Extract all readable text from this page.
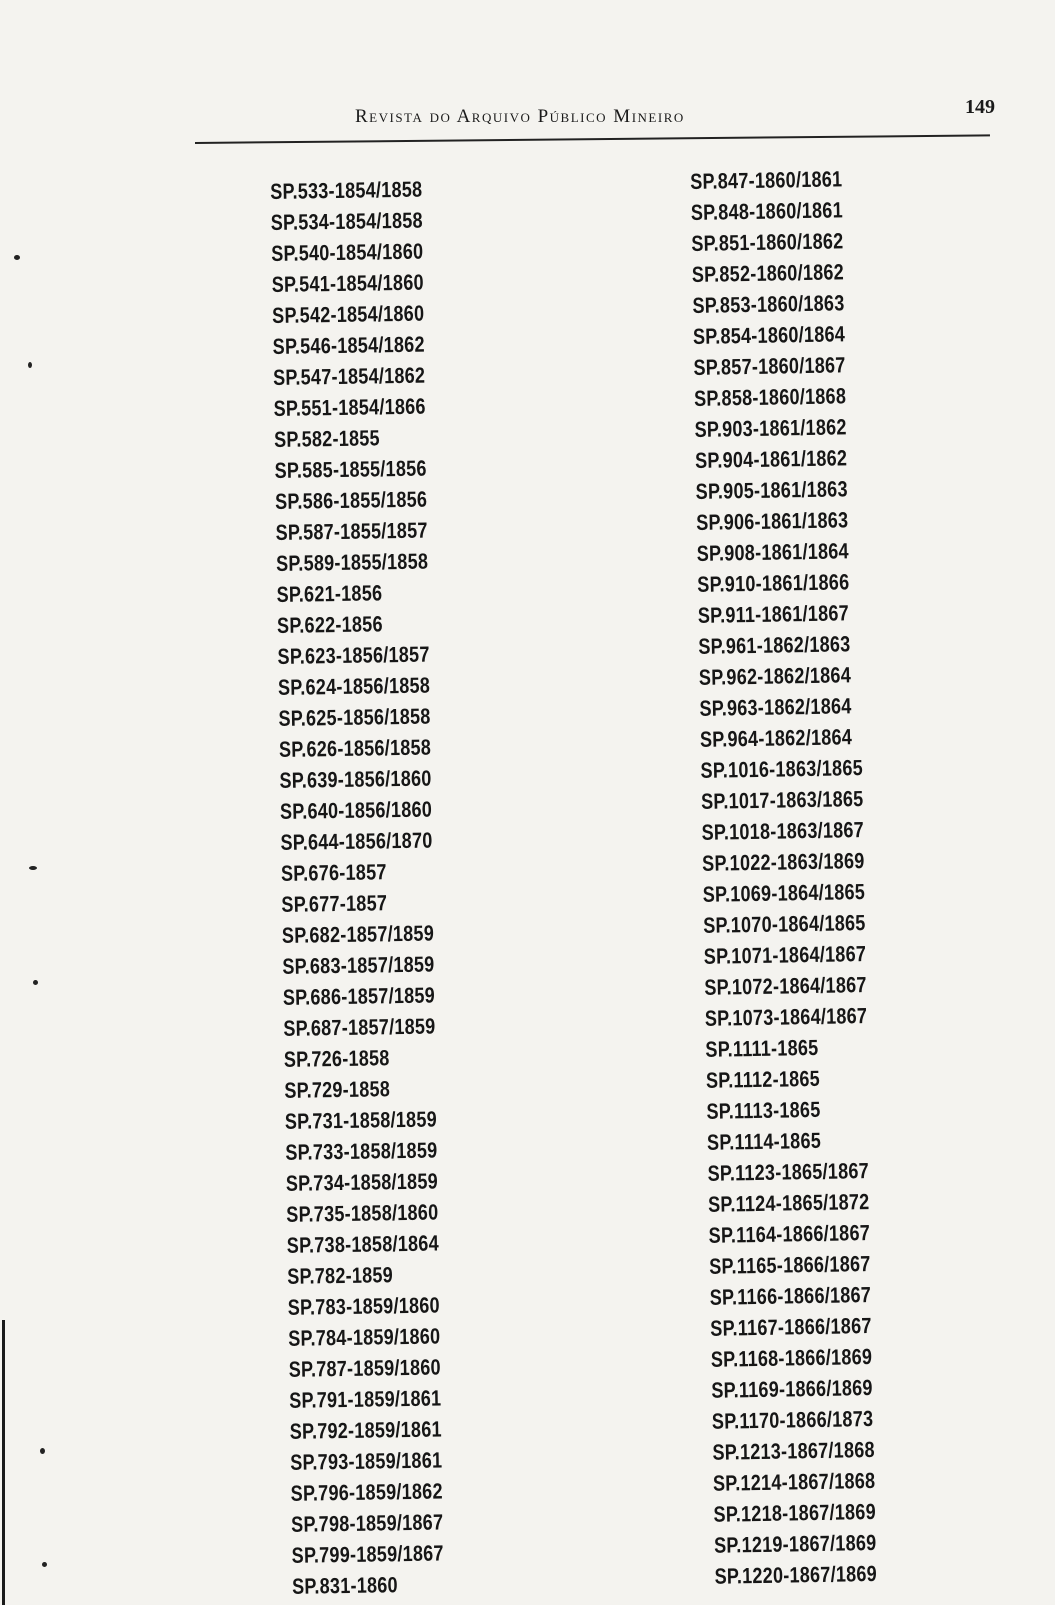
Revista do Arquivo Público Mineiro	149
SP.533-1854/1858
SP.534-1854/1858
SP.540-1854/1860
SP.541-1854/1860
SP.542-1854/1860
SP.546-1854/1862
SP.547-1854/1862
SP.551-1854/1866
SP.582-1855
SP.585-1855/1856
SP.586-1855/1856
SP.587-1855/1857
SP.589-1855/1858
SP.621-1856
SP.622-1856
SP.623-1856/1857
SP.624-1856/1858
SP.625-1856/1858
SP.626-1856/1858
SP.639-1856/1860
SP.640-1856/1860
SP.644-1856/1870
SP.676-1857
SP.677-1857
SP.682-1857/1859
SP.683-1857/1859
SP.686-1857/1859
SP.687-1857/1859
SP.726-1858
SP.729-1858
SP.731-1858/1859
SP.733-1858/1859
SP.734-1858/1859
SP.735-1858/1860
SP.738-1858/1864
SP.782-1859
SP.783-1859/1860
SP.784-1859/1860
SP.787-1859/1860
SP.791-1859/1861
SP.792-1859/1861
SP.793-1859/1861
SP.796-1859/1862
SP.798-1859/1867
SP.799-1859/1867
SP.831-1860
SP.847-1860/1861
SP.848-1860/1861
SP.851-1860/1862
SP.852-1860/1862
SP.853-1860/1863
SP.854-1860/1864
SP.857-1860/1867
SP.858-1860/1868
SP.903-1861/1862
SP.904-1861/1862
SP.905-1861/1863
SP.906-1861/1863
SP.908-1861/1864
SP.910-1861/1866
SP.911-1861/1867
SP.961-1862/1863
SP.962-1862/1864
SP.963-1862/1864
SP.964-1862/1864
SP.1016-1863/1865
SP.1017-1863/1865
SP.1018-1863/1867
SP.1022-1863/1869
SP.1069-1864/1865
SP.1070-1864/1865
SP.1071-1864/1867
SP.1072-1864/1867
SP.1073-1864/1867
SP.1111-1865
SP.1112-1865
SP.1113-1865
SP.1114-1865
SP.1123-1865/1867
SP.1124-1865/1872
SP.1164-1866/1867
SP.1165-1866/1867
SP.1166-1866/1867
SP.1167-1866/1867
SP.1168-1866/1869
SP.1169-1866/1869
SP.1170-1866/1873
SP.1213-1867/1868
SP.1214-1867/1868
SP.1218-1867/1869
SP.1219-1867/1869
SP.1220-1867/1869
